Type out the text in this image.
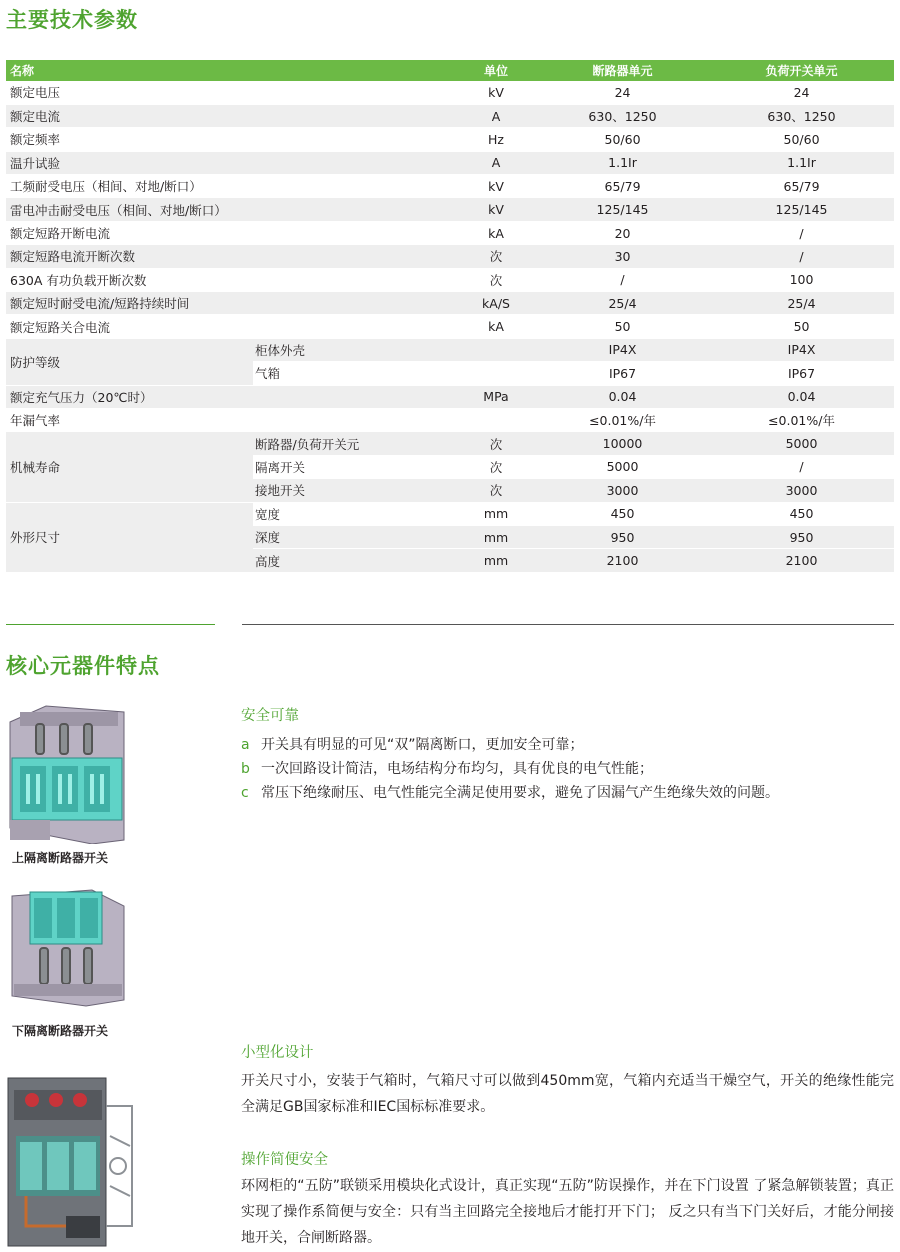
主要技术参数
名称		单位	断路器单元	负荷开关单元
额定电压		kV	24	24
额定电流		A	630、1250	630、1250
额定频率		Hz	50/60	50/60
温升试验		A	1.1Ir	1.1Ir
工频耐受电压（相间、对地/断口）		kV	65/79	65/79
雷电冲击耐受电压（相间、对地/断口）		kV	125/145	125/145
额定短路开断电流		kA	20	/
额定短路电流开断次数		次	30	/
630A 有功负载开断次数		次	/	100
额定短时耐受电流/短路持续时间		kA/S	25/4	25/4
额定短路关合电流		kA	50	50
防护等级	柜体外壳		IP4X	IP4X
	气箱		IP67	IP67
额定充气压力（20℃时）		MPa	0.04	0.04
年漏气率			≤0.01%/年	≤0.01%/年
机械寿命	断路器/负荷开关元	次	10000	5000
	隔离开关	次	5000	/
	接地开关	次	3000	3000
外形尺寸	宽度	mm	450	450
	深度	mm	950	950
	高度	mm	2100	2100
核心元器件特点
上隔离断路器开关
下隔离断路器开关
安全可靠
a 开关具有明显的可见“双”隔离断口，更加安全可靠；
b 一次回路设计简洁，电场结构分布均匀，具有优良的电气性能；
c 常压下绝缘耐压、电气性能完全满足使用要求，避免了因漏气产生绝缘失效的问题。
小型化设计
开关尺寸小，安装于气箱时，气箱尺寸可以做到450mm宽，气箱内充适当干燥空气，开关的绝缘性能完全满足GB国家标准和IEC国标标准要求。
操作简便安全
环网柜的“五防”联锁采用模块化式设计，真正实现“五防”防误操作，并在下门设置 了紧急解锁装置；真正实现了操作系简便与安全：只有当主回路完全接地后才能打开下门； 反之只有当下门关好后，才能分闸接地开关，合闸断路器。
